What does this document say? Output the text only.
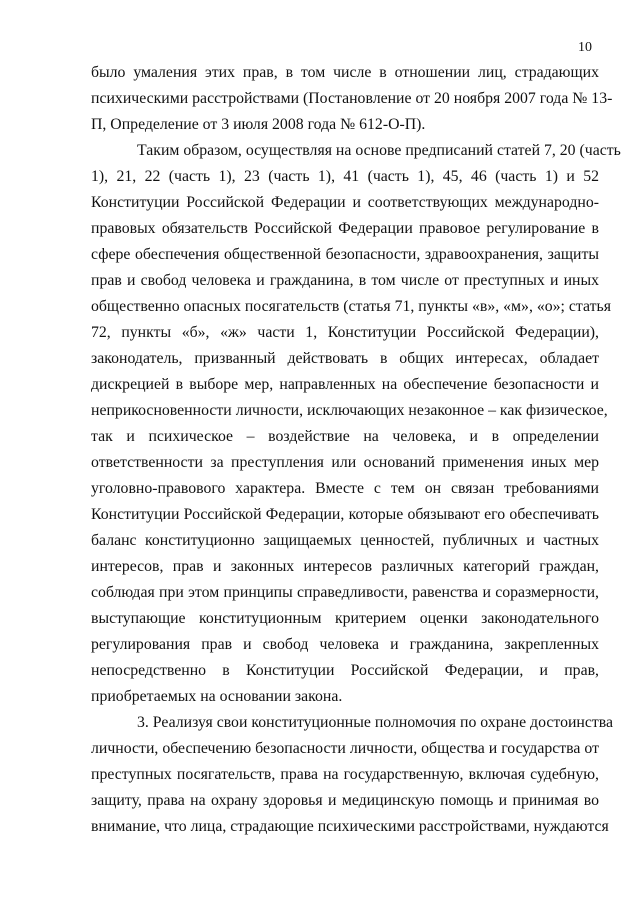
10
было умаления этих прав, в том числе в отношении лиц, страдающих
психическими расстройствами (Постановление от 20 ноября 2007 года № 13-
П, Определение от 3 июля 2008 года № 612-О-П).
Таким образом, осуществляя на основе предписаний статей 7, 20 (часть
1), 21, 22 (часть 1), 23 (часть 1), 41 (часть 1), 45, 46 (часть 1) и 52
Конституции Российской Федерации и соответствующих международно-
правовых обязательств Российской Федерации правовое регулирование в
сфере обеспечения общественной безопасности, здравоохранения, защиты
прав и свобод человека и гражданина, в том числе от преступных и иных
общественно опасных посягательств (статья 71, пункты «в», «м», «о»; статья
72, пункты «б», «ж» части 1, Конституции Российской Федерации),
законодатель, призванный действовать в общих интересах, обладает
дискрецией в выборе мер, направленных на обеспечение безопасности и
неприкосновенности личности, исключающих незаконное – как физическое,
так и психическое – воздействие на человека, и в определении
ответственности за преступления или оснований применения иных мер
уголовно-правового характера. Вместе с тем он связан требованиями
Конституции Российской Федерации, которые обязывают его обеспечивать
баланс конституционно защищаемых ценностей, публичных и частных
интересов, прав и законных интересов различных категорий граждан,
соблюдая при этом принципы справедливости, равенства и соразмерности,
выступающие конституционным критерием оценки законодательного
регулирования прав и свобод человека и гражданина, закрепленных
непосредственно в Конституции Российской Федерации, и прав,
приобретаемых на основании закона.
3. Реализуя свои конституционные полномочия по охране достоинства
личности, обеспечению безопасности личности, общества и государства от
преступных посягательств, права на государственную, включая судебную,
защиту, права на охрану здоровья и медицинскую помощь и принимая во
внимание, что лица, страдающие психическими расстройствами, нуждаются
